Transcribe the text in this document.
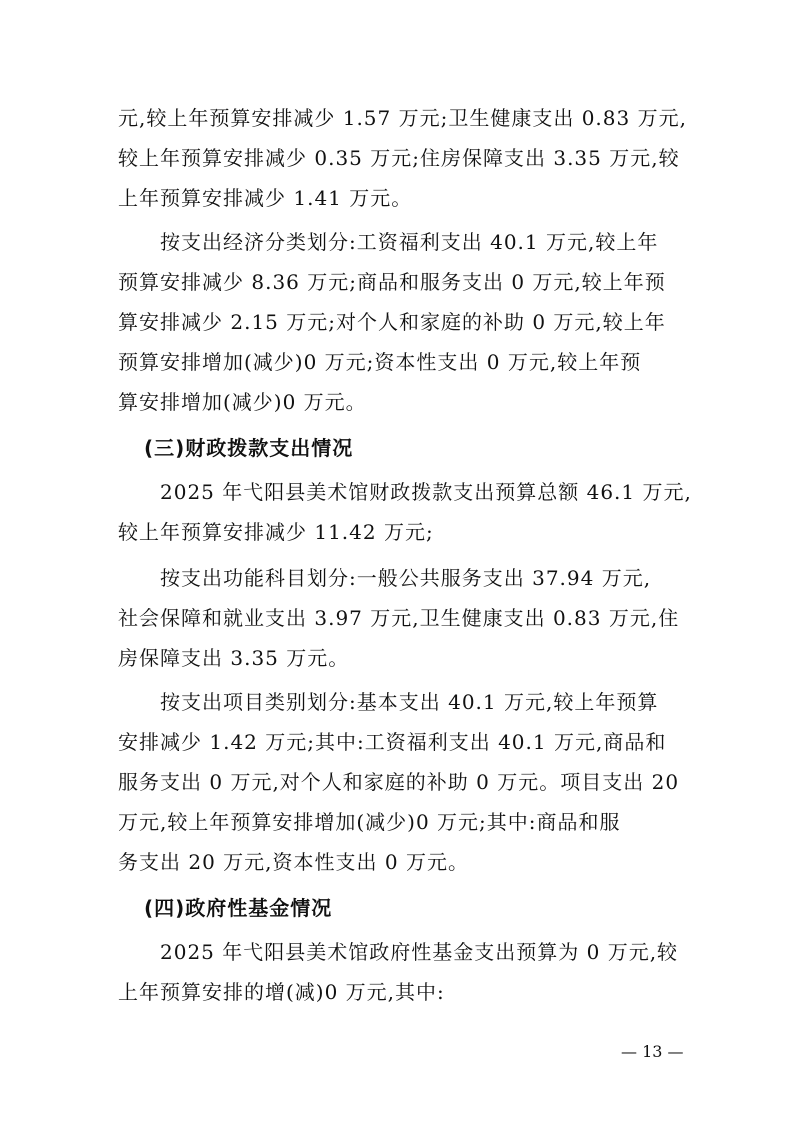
元,较上年预算安排减少 1.57 万元;卫生健康支出 0.83 万元,
较上年预算安排减少 0.35 万元;住房保障支出 3.35 万元,较
上年预算安排减少 1.41 万元。
按支出经济分类划分:工资福利支出 40.1 万元,较上年
预算安排减少 8.36 万元;商品和服务支出 0 万元,较上年预
算安排减少 2.15 万元;对个人和家庭的补助 0 万元,较上年
预算安排增加(减少)0 万元;资本性支出 0 万元,较上年预
算安排增加(减少)0 万元。
(三)财政拨款支出情况
2025 年弋阳县美术馆财政拨款支出预算总额 46.1 万元,
较上年预算安排减少 11.42 万元;
按支出功能科目划分:一般公共服务支出 37.94 万元,
社会保障和就业支出 3.97 万元,卫生健康支出 0.83 万元,住
房保障支出 3.35 万元。
按支出项目类别划分:基本支出 40.1 万元,较上年预算
安排减少 1.42 万元;其中:工资福利支出 40.1 万元,商品和
服务支出 0 万元,对个人和家庭的补助 0 万元。项目支出 20
万元,较上年预算安排增加(减少)0 万元;其中:商品和服
务支出 20 万元,资本性支出 0 万元。
(四)政府性基金情况
2025 年弋阳县美术馆政府性基金支出预算为 0 万元,较
上年预算安排的增(减)0 万元,其中:
— 13 —
